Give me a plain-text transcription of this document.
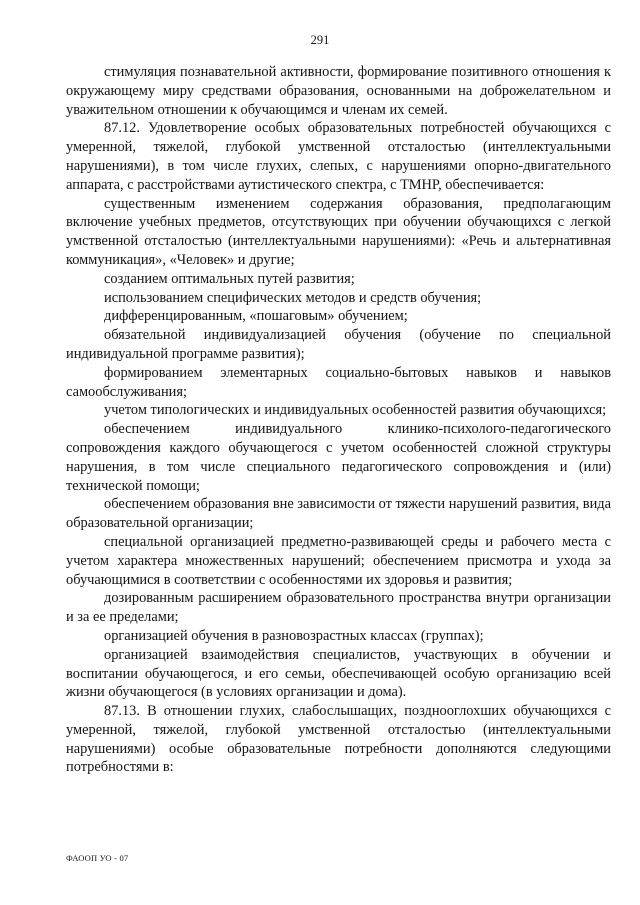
291

стимуляция познавательной активности, формирование позитивного отношения к окружающему миру средствами образования, основанными на доброжелательном и уважительном отношении к обучающимся и членам их семей.

87.12. Удовлетворение особых образовательных потребностей обучающихся с умеренной, тяжелой, глубокой умственной отсталостью (интеллектуальными нарушениями), в том числе глухих, слепых, с нарушениями опорно-двигательного аппарата, с расстройствами аутистического спектра, с ТМНР, обеспечивается:

существенным изменением содержания образования, предполагающим включение учебных предметов, отсутствующих при обучении обучающихся с легкой умственной отсталостью (интеллектуальными нарушениями): «Речь и альтернативная коммуникация», «Человек» и другие;

созданием оптимальных путей развития;

использованием специфических методов и средств обучения;

дифференцированным, «пошаговым» обучением;

обязательной индивидуализацией обучения (обучение по специальной индивидуальной программе развития);

формированием элементарных социально-бытовых навыков и навыков самообслуживания;

учетом типологических и индивидуальных особенностей развития обучающихся;

обеспечением индивидуального клинико-психолого-педагогического сопровождения каждого обучающегося с учетом особенностей сложной структуры нарушения, в том числе специального педагогического сопровождения и (или) технической помощи;

обеспечением образования вне зависимости от тяжести нарушений развития, вида образовательной организации;

специальной организацией предметно-развивающей среды и рабочего места с учетом характера множественных нарушений; обеспечением присмотра и ухода за обучающимися в соответствии с особенностями их здоровья и развития;

дозированным расширением образовательного пространства внутри организации и за ее пределами;

организацией обучения в разновозрастных классах (группах);

организацией взаимодействия специалистов, участвующих в обучении и воспитании обучающегося, и его семьи, обеспечивающей особую организацию всей жизни обучающегося (в условиях организации и дома).

87.13. В отношении глухих, слабослышащих, позднооглохших обучающихся с умеренной, тяжелой, глубокой умственной отсталостью (интеллектуальными нарушениями) особые образовательные потребности дополняются следующими потребностями в:

ФАООП УО - 07
